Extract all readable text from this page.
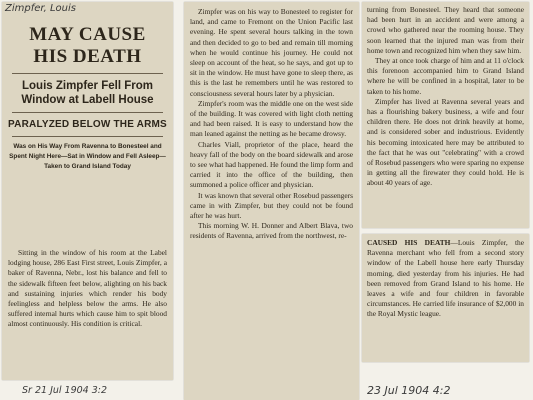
MAY CAUSE
HIS DEATH
Louis Zimpfer Fell From Window at Labell House
PARALYZED BELOW THE ARMS
Was on His Way From Ravenna to Bonesteel and Spent Night Here—Sat in Window and Fell Asleep—Taken to Grand Island Today
Sitting in the window of his room at the Label lodging house, 286 East First street, Louis Zimpfer, a baker of Ravenna, Nebr., lost his balance and fell to the sidewalk fifteen feet below, alighting on his back and sustaining injuries which render his body feelingless and helpless below the arms. He also suffered internal hurts which cause him to spit blood almost continuously. His condition is critical.
Zimpfer, Louis
Sr 21 Jul 1904 3:2
Zimpfer was on his way to Bonesteel to register for land, and came to Fremont on the Union Pacific last evening. He spent several hours talking in the town and then decided to go to bed and remain till morning when he would continue his journey. He could not sleep on account of the heat, so he says, and got up to sit in the window. He must have gone to sleep there, as this is the last he remembers until he was restored to consciousness several hours later by a physician.
Zimpfer's room was the middle one on the west side of the building. It was covered with light cloth netting and had been raised. It is easy to understand how the man leaned against the netting as he became drowsy.
Charles Viall, proprietor of the place, heard the heavy fall of the body on the board sidewalk and arose to see what had happened. He found the limp form and carried it into the office of the building, then summoned a police officer and physician.
It was known that several other Rosebud passengers came in with Zimpfer, but they could not be found after he was hurt.
This morning W. H. Donner and Albert Blava, two residents of Ravenna, arrived from the northwest, re-
turning from Bonesteel. They heard that someone had been hurt in an accident and were among a crowd who gathered near the rooming house. They soon learned that the injured man was from their home town and recognized him when they saw him.
They at once took charge of him and at 11 o'clock this forenoon accompanied him to Grand Island where he will be confined in a hospital, later to be taken to his home.
Zimpfer has lived at Ravenna several years and has a flourishing bakery business, a wife and four children there. He does not drink heavily at home, and is considered sober and industrious. Evidently his becoming intoxicated here may be attributed to the fact that he was out "celebrating" with a crowd of Rosebud passengers who were sparing no expense in getting all the firewater they could hold. He is about 40 years of age.
CAUSED HIS DEATH—Louis Zimpfer, the Ravenna merchant who fell from a second story window of the Labell house here early Thursday morning, died yesterday from his injuries. He had been removed from Grand Island to his home. He leaves a wife and four children in favorable circumstances. He carried life insurance of $2,000 in the Royal Mystic league.
23 Jul 1904 4:2
